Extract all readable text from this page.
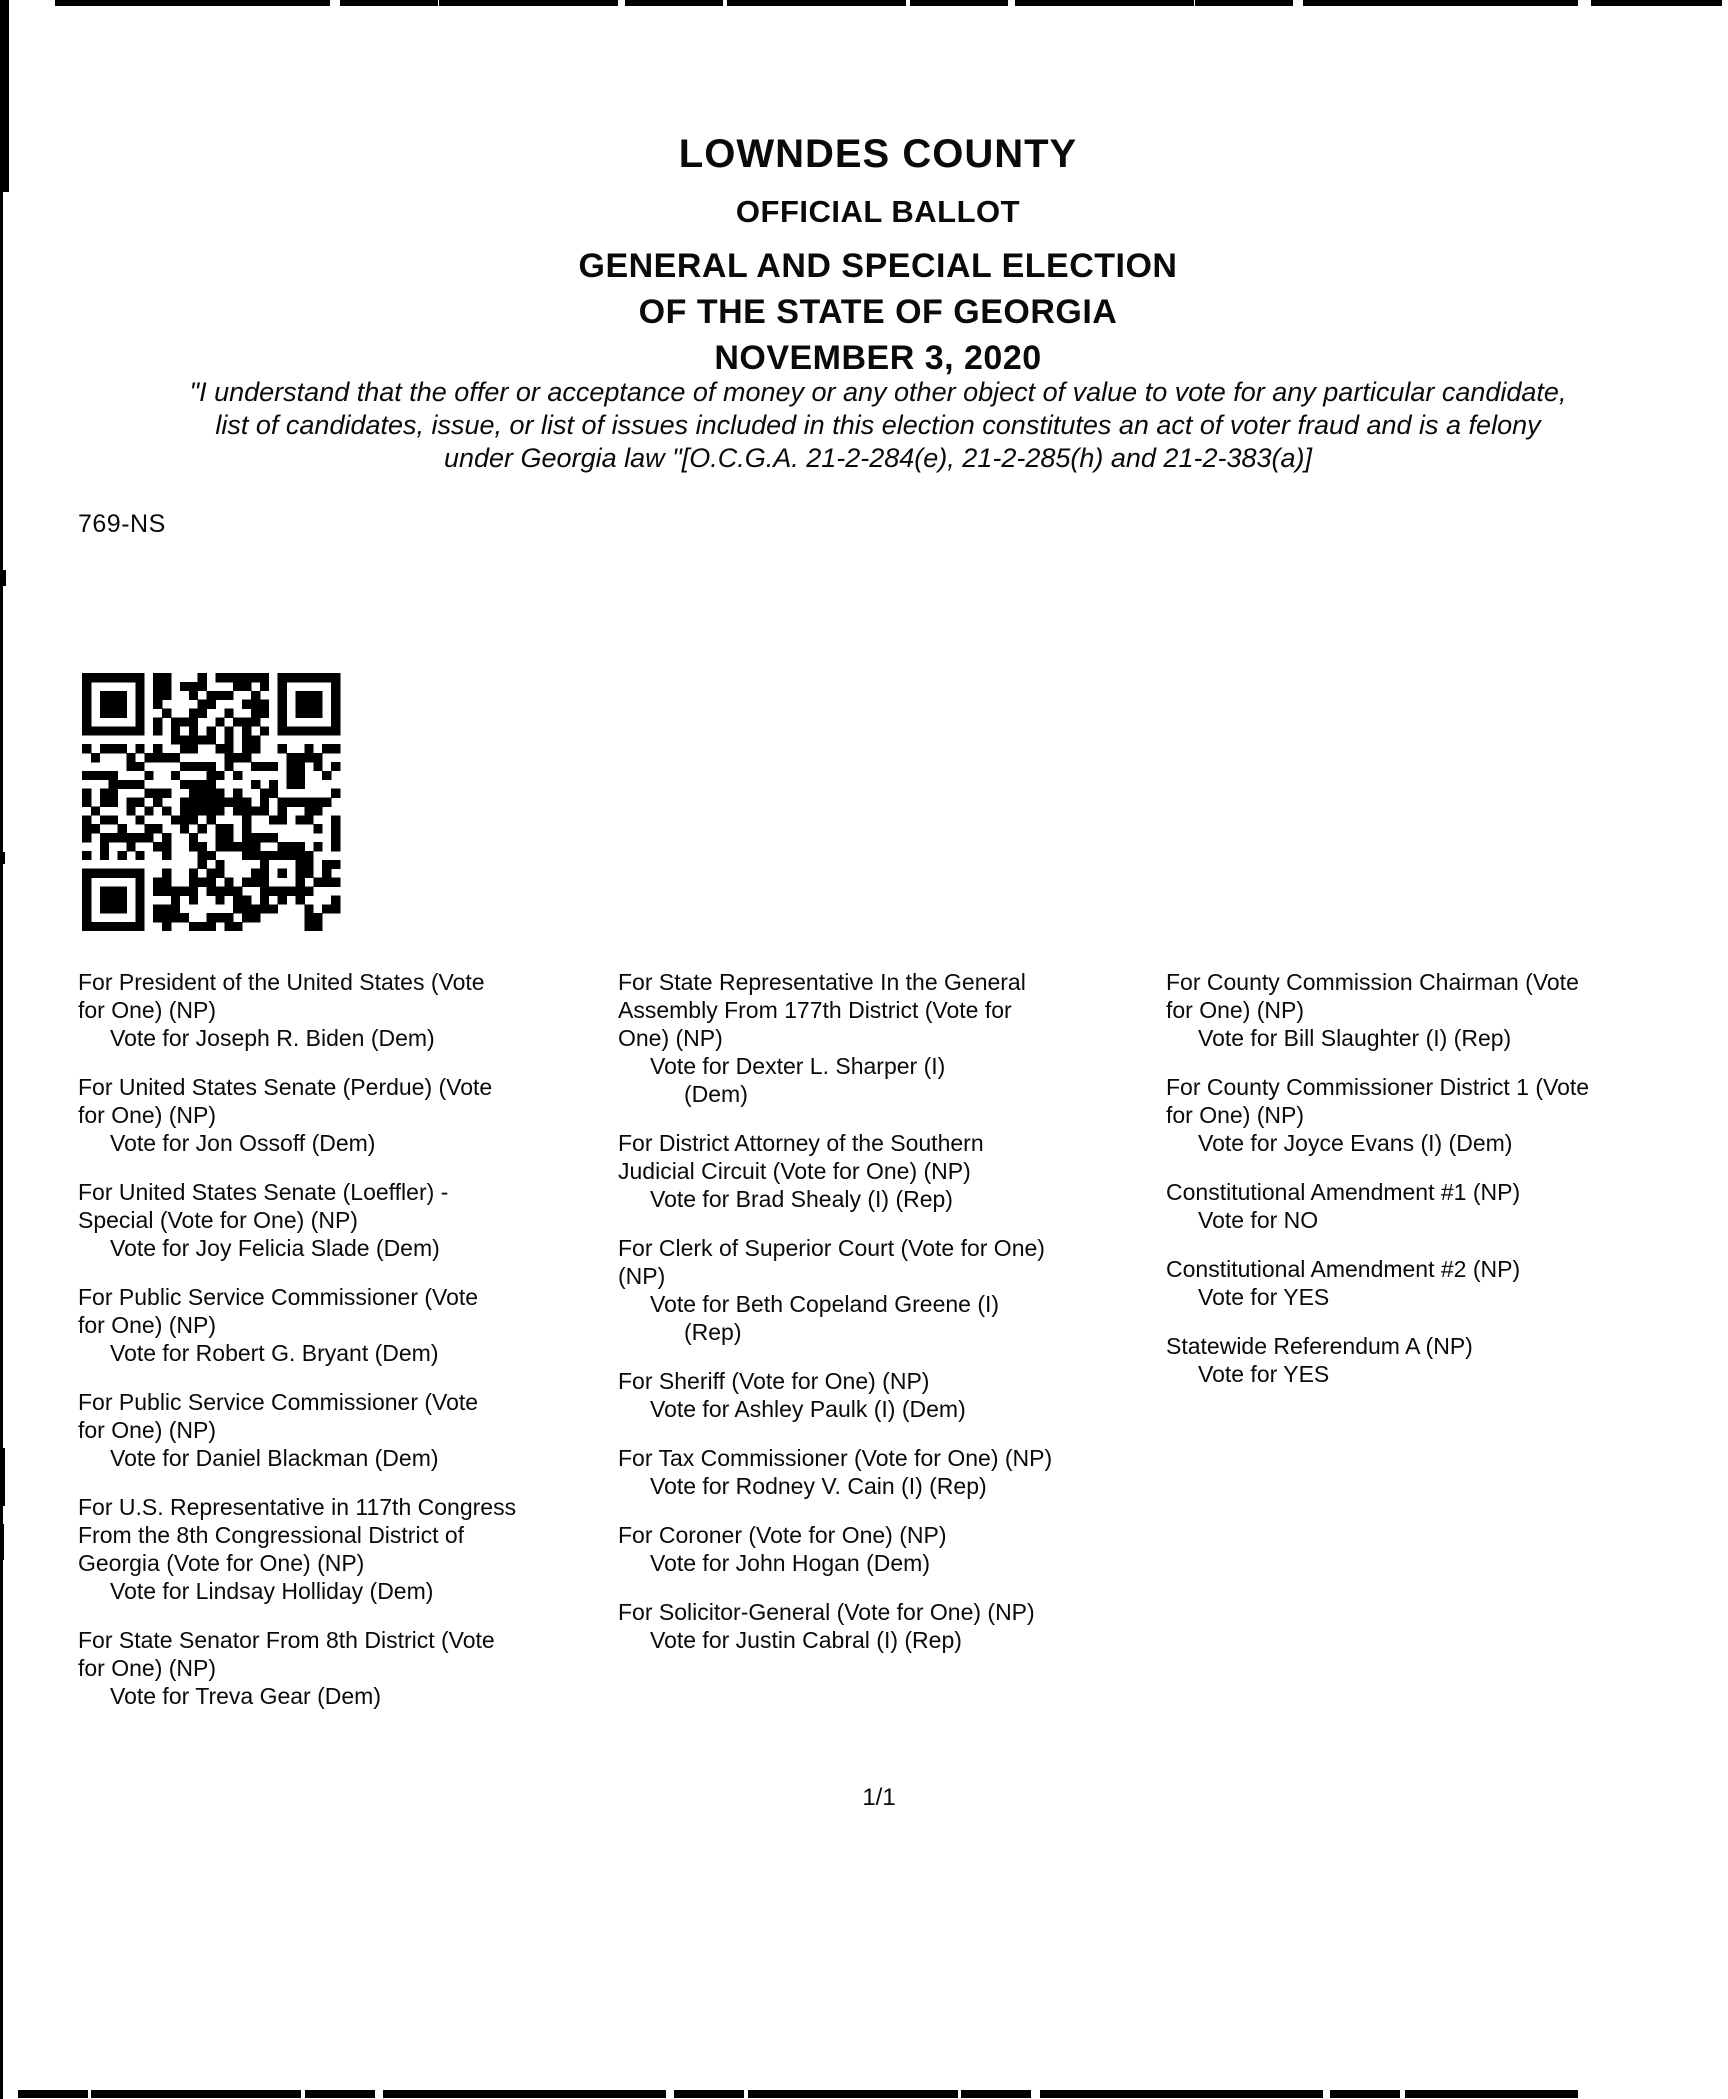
LOWNDES COUNTY
OFFICIAL BALLOT
GENERAL AND SPECIAL ELECTION
OF THE STATE OF GEORGIA
NOVEMBER 3, 2020
"I understand that the offer or acceptance of money or any other object of value to vote for any particular candidate,
list of candidates, issue, or list of issues included in this election constitutes an act of voter fraud and is a felony
under Georgia law "[O.C.G.A. 21-2-284(e), 21-2-285(h) and 21-2-383(a)]
769-NS
For President of the United States (Vote
for One) (NP)
Vote for Joseph R. Biden (Dem)
For United States Senate (Perdue) (Vote
for One) (NP)
Vote for Jon Ossoff (Dem)
For United States Senate (Loeffler) -
Special (Vote for One) (NP)
Vote for Joy Felicia Slade (Dem)
For Public Service Commissioner (Vote
for One) (NP)
Vote for Robert G. Bryant (Dem)
For Public Service Commissioner (Vote
for One) (NP)
Vote for Daniel Blackman (Dem)
For U.S. Representative in 117th Congress
From the 8th Congressional District of
Georgia (Vote for One) (NP)
Vote for Lindsay Holliday (Dem)
For State Senator From 8th District (Vote
for One) (NP)
Vote for Treva Gear (Dem)
For State Representative In the General
Assembly From 177th District (Vote for
One) (NP)
Vote for Dexter L. Sharper (I)
(Dem)
For District Attorney of the Southern
Judicial Circuit (Vote for One) (NP)
Vote for Brad Shealy (I) (Rep)
For Clerk of Superior Court (Vote for One)
(NP)
Vote for Beth Copeland Greene (I)
(Rep)
For Sheriff (Vote for One) (NP)
Vote for Ashley Paulk (I) (Dem)
For Tax Commissioner (Vote for One) (NP)
Vote for Rodney V. Cain (I) (Rep)
For Coroner (Vote for One) (NP)
Vote for John Hogan (Dem)
For Solicitor-General (Vote for One) (NP)
Vote for Justin Cabral (I) (Rep)
For County Commission Chairman (Vote
for One) (NP)
Vote for Bill Slaughter (I) (Rep)
For County Commissioner District 1 (Vote
for One) (NP)
Vote for Joyce Evans (I) (Dem)
Constitutional Amendment #1 (NP)
Vote for NO
Constitutional Amendment #2 (NP)
Vote for YES
Statewide Referendum A (NP)
Vote for YES
1/1
